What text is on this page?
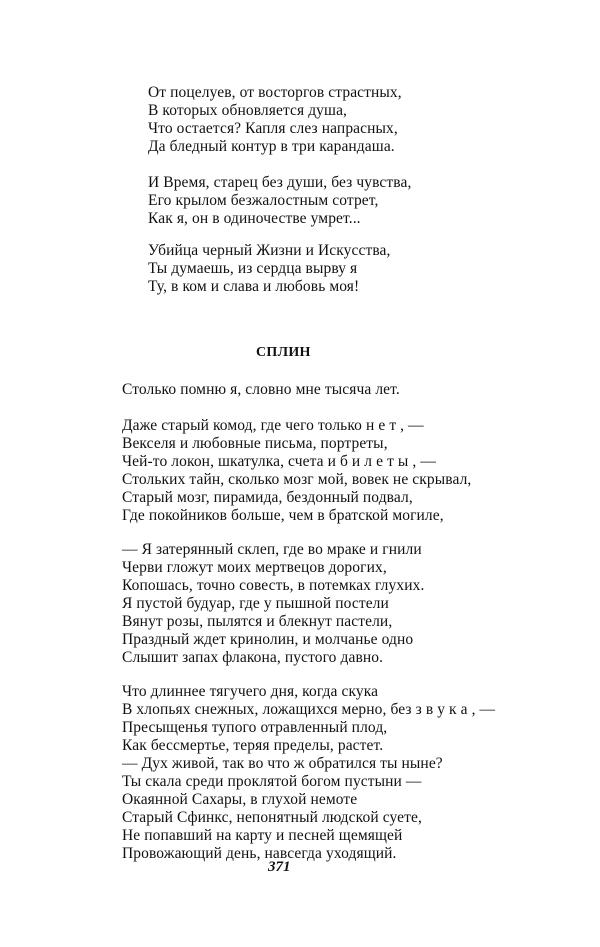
От поцелуев, от восторгов страстных,
В которых обновляется душа,
Что остается? Капля слез напрасных,
Да бледный контур в три карандаша.
И Время, старец без души, без чувства,
Его крылом безжалостным сотрет,
Как я, он в одиночестве умрет...
Убийца черный Жизни и Искусства,
Ты думаешь, из сердца вырву я
Ту, в ком и слава и любовь моя!
СПЛИН
Столько помню я, словно мне тысяча лет.
Даже старый комод, где чего только н е т , —
Векселя и любовные письма, портреты,
Чей-то локон, шкатулка, счета и б и л е т ы , —
Стольких тайн, сколько мозг мой, вовек не скрывал,
Старый мозг, пирамида, бездонный подвал,
Где покойников больше, чем в братской могиле,
— Я затерянный склеп, где во мраке и гнили
Черви гложут моих мертвецов дорогих,
Копошась, точно совесть, в потемках глухих.
Я пустой будуар, где у пышной постели
Вянут розы, пылятся и блекнут пастели,
Праздный ждет кринолин, и молчанье одно
Слышит запах флакона, пустого давно.
Что длиннее тягучего дня, когда скука
В хлопьях снежных, ложащихся мерно, без з в у к а , —
Пресыщенья тупого отравленный плод,
Как бессмертье, теряя пределы, растет.
— Дух живой, так во что ж обратился ты ныне?
Ты скала среди проклятой богом пустыни —
Окаянной Сахары, в глухой немоте
Старый Сфинкс, непонятный людской суете,
Не попавший на карту и песней щемящей
Провожающий день, навсегда уходящий.
371
